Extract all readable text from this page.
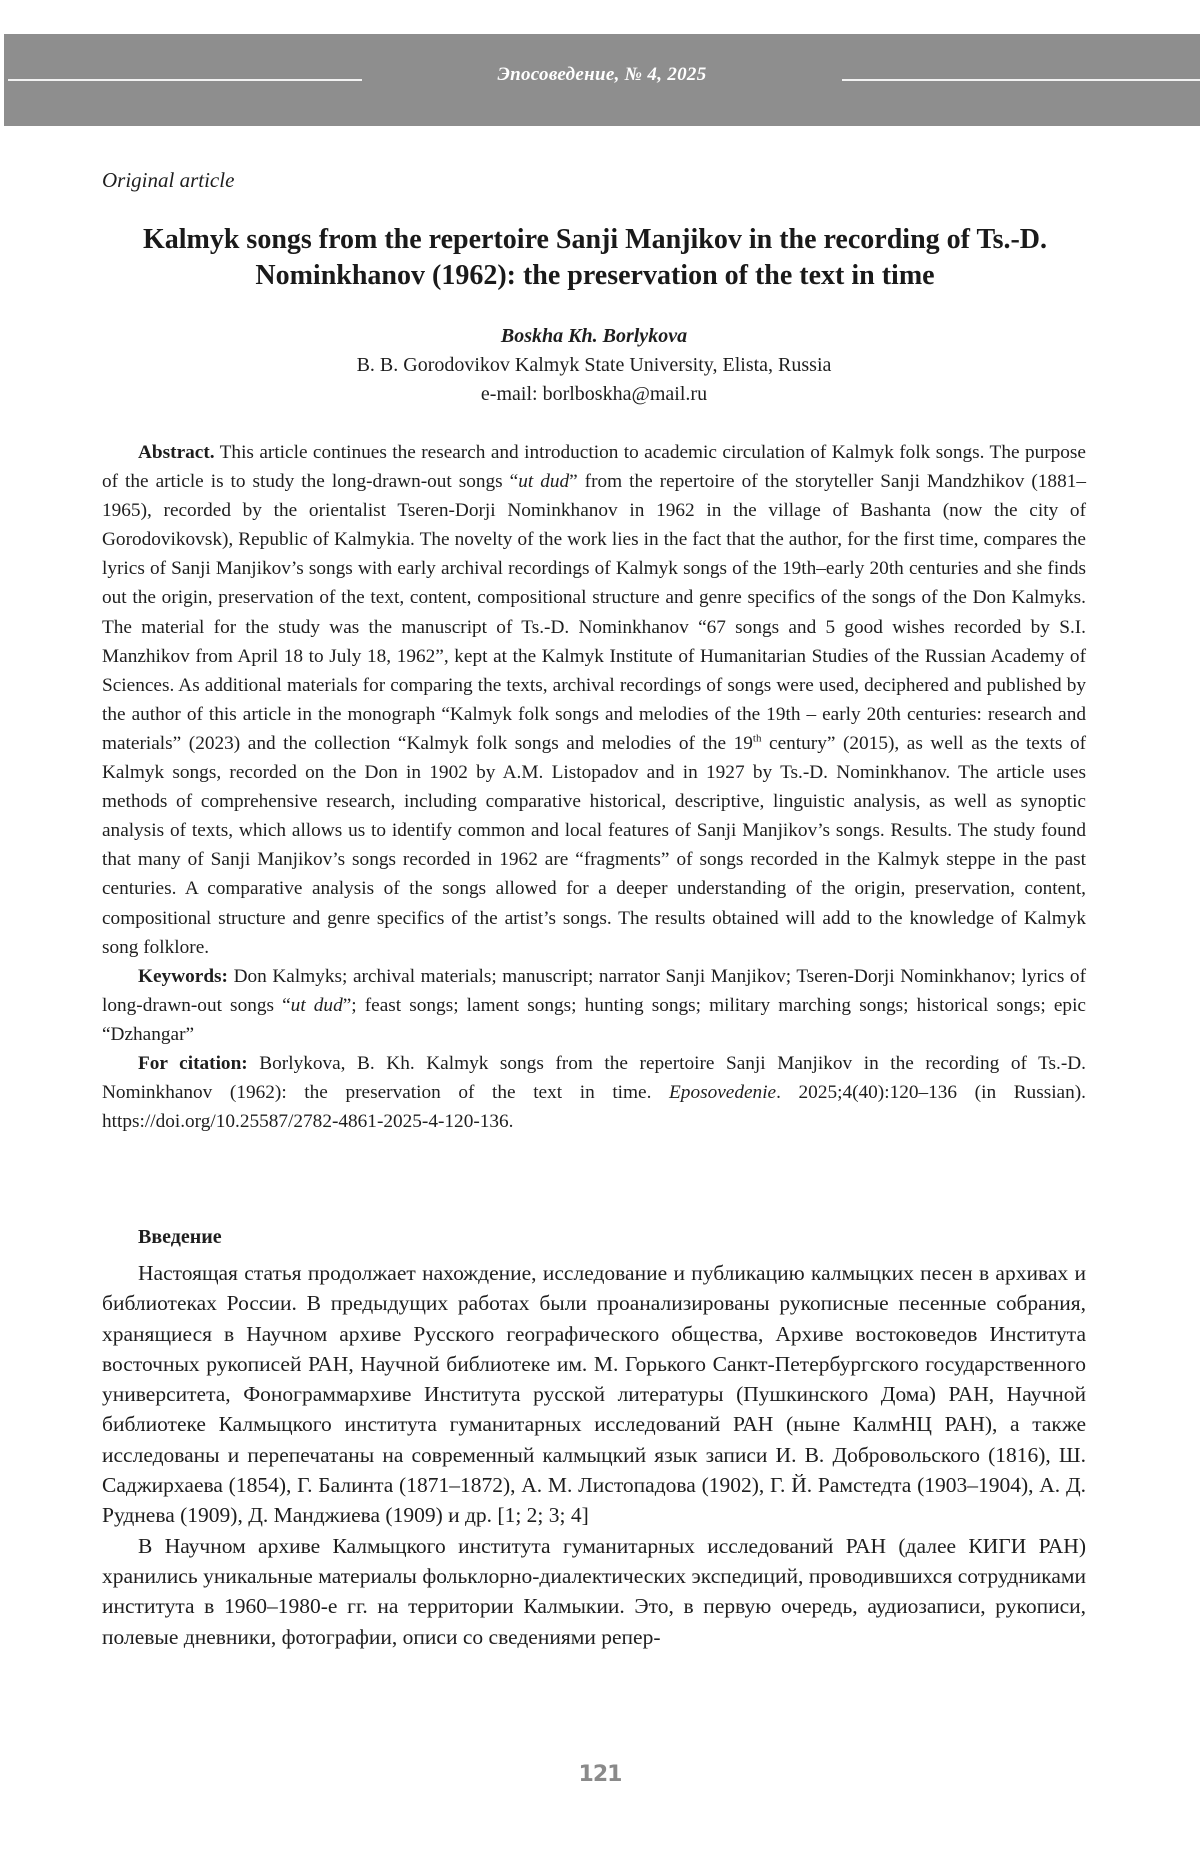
Эпосоведение, № 4, 2025
Original article
Kalmyk songs from the repertoire Sanji Manjikov in the recording of Ts.-D. Nominkhanov (1962): the preservation of the text in time
Boskha Kh. Borlykova
B. B. Gorodovikov Kalmyk State University, Elista, Russia
e-mail: borlboskha@mail.ru

Abstract. This article continues the research and introduction to academic circulation of Kalmyk folk songs. The purpose of the article is to study the long-drawn-out songs “ut dud” from the repertoire of the storyteller Sanji Mandzhikov (1881–1965), recorded by the orientalist Tseren-Dorji Nominkhanov in 1962 in the village of Bashanta (now the city of Gorodovikovsk), Republic of Kalmykia. The novelty of the work lies in the fact that the author, for the first time, compares the lyrics of Sanji Manjikov’s songs with early archival recordings of Kalmyk songs of the 19th–early 20th centuries and she finds out the origin, preservation of the text, content, compositional structure and genre specifics of the songs of the Don Kalmyks. The material for the study was the manuscript of Ts.-D. Nominkhanov “67 songs and 5 good wishes recorded by S.I. Manzhikov from April 18 to July 18, 1962”, kept at the Kalmyk Institute of Humanitarian Studies of the Russian Academy of Sciences. As additional materials for comparing the texts, archival recordings of songs were used, deciphered and published by the author of this article in the monograph “Kalmyk folk songs and melodies of the 19th – early 20th centuries: research and materials” (2023) and the collection “Kalmyk folk songs and melodies of the 19th century” (2015), as well as the texts of Kalmyk songs, recorded on the Don in 1902 by A.M. Listopadov and in 1927 by Ts.-D. Nominkhanov. The article uses methods of comprehensive research, including comparative historical, descriptive, linguistic analysis, as well as synoptic analysis of texts, which allows us to identify common and local features of Sanji Manjikov’s songs. Results. The study found that many of Sanji Manjikov’s songs recorded in 1962 are “fragments” of songs recorded in the Kalmyk steppe in the past centuries. A comparative analysis of the songs allowed for a deeper understanding of the origin, preservation, content, compositional structure and genre specifics of the artist’s songs. The results obtained will add to the knowledge of Kalmyk song folklore.

Keywords: Don Kalmyks; archival materials; manuscript; narrator Sanji Manjikov; Tseren-Dorji Nominkhanov; lyrics of long-drawn-out songs “ut dud”; feast songs; lament songs; hunting songs; military marching songs; historical songs; epic “Dzhangar”

For citation: Borlykova, B. Kh. Kalmyk songs from the repertoire Sanji Manjikov in the recording of Ts.-D. Nominkhanov (1962): the preservation of the text in time. Eposovedenie. 2025;4(40):120–136 (in Russian). https://doi.org/10.25587/2782-4861-2025-4-120-136.

Введение

Настоящая статья продолжает нахождение, исследование и публикацию калмыцких песен в архивах и библиотеках России. В предыдущих работах были проанализированы рукописные песенные собрания, хранящиеся в Научном архиве Русского географического общества, Архиве востоковедов Института восточных рукописей РАН, Научной библиотеке им. М. Горького Санкт-Петербургского государственного университета, Фонограммархиве Института русской литературы (Пушкинского Дома) РАН, Научной библиотеке Калмыцкого института гуманитарных исследований РАН (ныне КалмНЦ РАН), а также исследованы и перепечатаны на современный калмыцкий язык записи И. В. Добровольского (1816), Ш. Саджирхаева (1854), Г. Балинта (1871–1872), А. М. Листопадова (1902), Г. Й. Рамстедта (1903–1904), А. Д. Руднева (1909), Д. Манджиева (1909) и др. [1; 2; 3; 4]

В Научном архиве Калмыцкого института гуманитарных исследований РАН (далее КИГИ РАН) хранились уникальные материалы фольклорно-диалектических экспедиций, проводившихся сотрудниками института в 1960–1980-е гг. на территории Калмыкии. Это, в первую очередь, аудиозаписи, рукописи, полевые дневники, фотографии, описи со сведениями репер-

121
